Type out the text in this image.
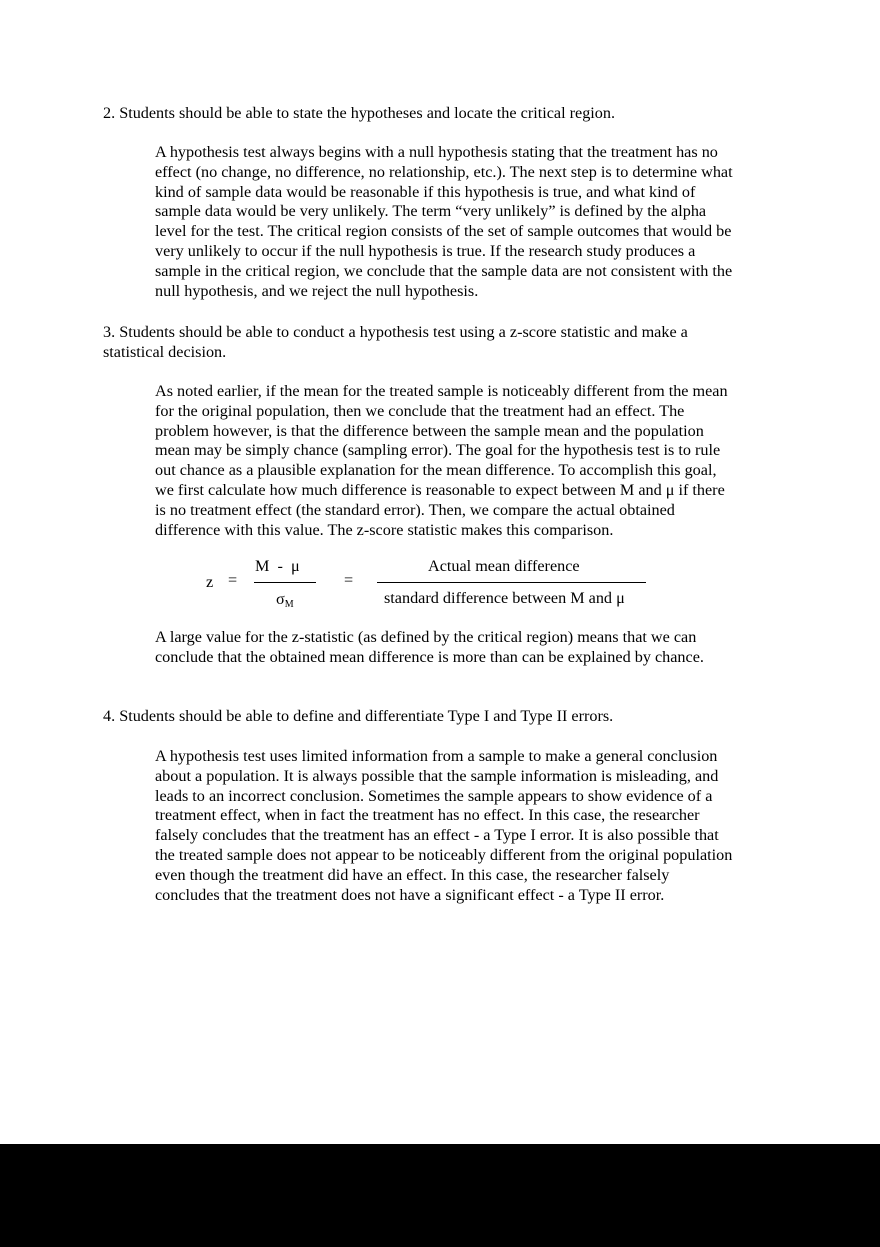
2. Students should be able to state the hypotheses and locate the critical region.
A hypothesis test always begins with a null hypothesis stating that the treatment has no
effect (no change, no difference, no relationship, etc.). The next step is to determine what
kind of sample data would be reasonable if this hypothesis is true, and what kind of
sample data would be very unlikely. The term “very unlikely” is defined by the alpha
level for the test. The critical region consists of the set of sample outcomes that would be
very unlikely to occur if the null hypothesis is true. If the research study produces a
sample in the critical region, we conclude that the sample data are not consistent with the
null hypothesis, and we reject the null hypothesis.
3. Students should be able to conduct a hypothesis test using a z-score statistic and make a
statistical decision.
As noted earlier, if the mean for the treated sample is noticeably different from the mean
for the original population, then we conclude that the treatment had an effect. The
problem however, is that the difference between the sample mean and the population
mean may be simply chance (sampling error). The goal for the hypothesis test is to rule
out chance as a plausible explanation for the mean difference. To accomplish this goal,
we first calculate how much difference is reasonable to expect between M and μ if there
is no treatment effect (the standard error). Then, we compare the actual obtained
difference with this value. The z-score statistic makes this comparison.
z =
M  -  μ
$\sigma_M$
=
Actual mean difference
standard difference between M and μ
A large value for the z-statistic (as defined by the critical region) means that we can
conclude that the obtained mean difference is more than can be explained by chance.
4. Students should be able to define and differentiate Type I and Type II errors.
A hypothesis test uses limited information from a sample to make a general conclusion
about a population. It is always possible that the sample information is misleading, and
leads to an incorrect conclusion. Sometimes the sample appears to show evidence of a
treatment effect, when in fact the treatment has no effect. In this case, the researcher
falsely concludes that the treatment has an effect - a Type I error. It is also possible that
the treated sample does not appear to be noticeably different from the original population
even though the treatment did have an effect. In this case, the researcher falsely
concludes that the treatment does not have a significant effect - a Type II error.
